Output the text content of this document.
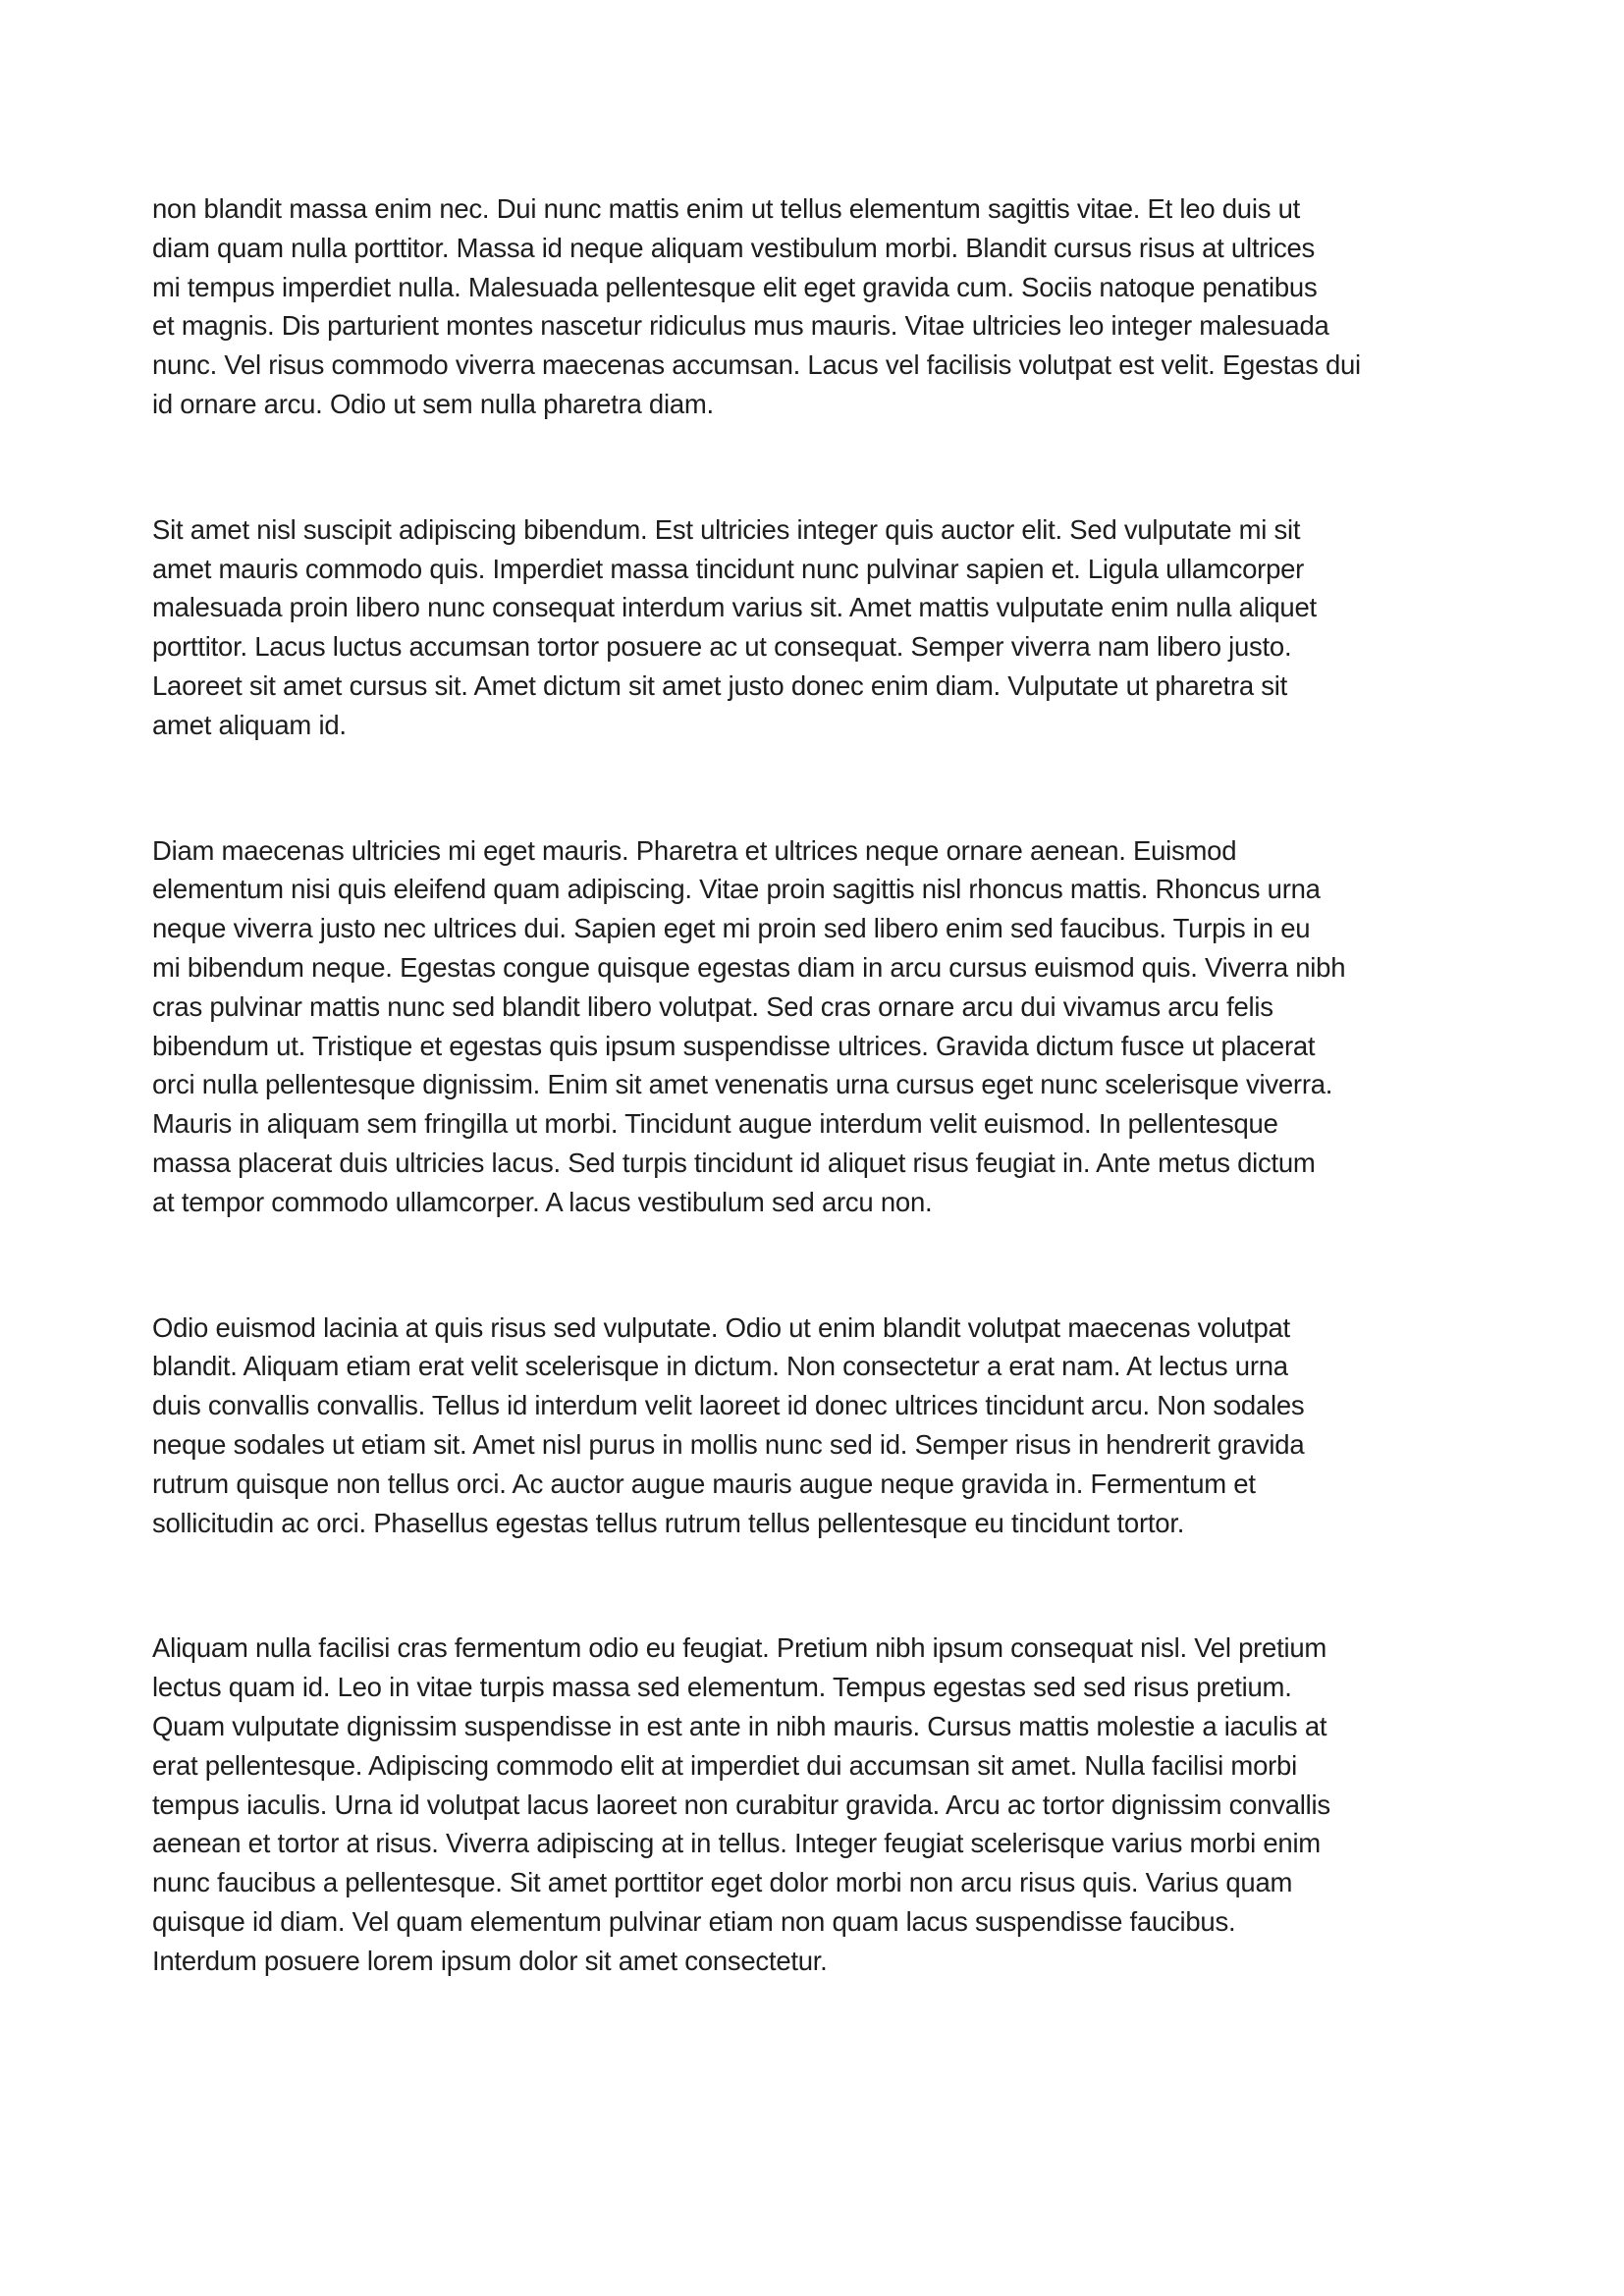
non blandit massa enim nec. Dui nunc mattis enim ut tellus elementum sagittis vitae. Et leo duis ut
diam quam nulla porttitor. Massa id neque aliquam vestibulum morbi. Blandit cursus risus at ultrices
mi tempus imperdiet nulla. Malesuada pellentesque elit eget gravida cum. Sociis natoque penatibus
et magnis. Dis parturient montes nascetur ridiculus mus mauris. Vitae ultricies leo integer malesuada
nunc. Vel risus commodo viverra maecenas accumsan. Lacus vel facilisis volutpat est velit. Egestas dui
id ornare arcu. Odio ut sem nulla pharetra diam.

Sit amet nisl suscipit adipiscing bibendum. Est ultricies integer quis auctor elit. Sed vulputate mi sit
amet mauris commodo quis. Imperdiet massa tincidunt nunc pulvinar sapien et. Ligula ullamcorper
malesuada proin libero nunc consequat interdum varius sit. Amet mattis vulputate enim nulla aliquet
porttitor. Lacus luctus accumsan tortor posuere ac ut consequat. Semper viverra nam libero justo.
Laoreet sit amet cursus sit. Amet dictum sit amet justo donec enim diam. Vulputate ut pharetra sit
amet aliquam id.

Diam maecenas ultricies mi eget mauris. Pharetra et ultrices neque ornare aenean. Euismod
elementum nisi quis eleifend quam adipiscing. Vitae proin sagittis nisl rhoncus mattis. Rhoncus urna
neque viverra justo nec ultrices dui. Sapien eget mi proin sed libero enim sed faucibus. Turpis in eu
mi bibendum neque. Egestas congue quisque egestas diam in arcu cursus euismod quis. Viverra nibh
cras pulvinar mattis nunc sed blandit libero volutpat. Sed cras ornare arcu dui vivamus arcu felis
bibendum ut. Tristique et egestas quis ipsum suspendisse ultrices. Gravida dictum fusce ut placerat
orci nulla pellentesque dignissim. Enim sit amet venenatis urna cursus eget nunc scelerisque viverra.
Mauris in aliquam sem fringilla ut morbi. Tincidunt augue interdum velit euismod. In pellentesque
massa placerat duis ultricies lacus. Sed turpis tincidunt id aliquet risus feugiat in. Ante metus dictum
at tempor commodo ullamcorper. A lacus vestibulum sed arcu non.

Odio euismod lacinia at quis risus sed vulputate. Odio ut enim blandit volutpat maecenas volutpat
blandit. Aliquam etiam erat velit scelerisque in dictum. Non consectetur a erat nam. At lectus urna
duis convallis convallis. Tellus id interdum velit laoreet id donec ultrices tincidunt arcu. Non sodales
neque sodales ut etiam sit. Amet nisl purus in mollis nunc sed id. Semper risus in hendrerit gravida
rutrum quisque non tellus orci. Ac auctor augue mauris augue neque gravida in. Fermentum et
sollicitudin ac orci. Phasellus egestas tellus rutrum tellus pellentesque eu tincidunt tortor.

Aliquam nulla facilisi cras fermentum odio eu feugiat. Pretium nibh ipsum consequat nisl. Vel pretium
lectus quam id. Leo in vitae turpis massa sed elementum. Tempus egestas sed sed risus pretium.
Quam vulputate dignissim suspendisse in est ante in nibh mauris. Cursus mattis molestie a iaculis at
erat pellentesque. Adipiscing commodo elit at imperdiet dui accumsan sit amet. Nulla facilisi morbi
tempus iaculis. Urna id volutpat lacus laoreet non curabitur gravida. Arcu ac tortor dignissim convallis
aenean et tortor at risus. Viverra adipiscing at in tellus. Integer feugiat scelerisque varius morbi enim
nunc faucibus a pellentesque. Sit amet porttitor eget dolor morbi non arcu risus quis. Varius quam
quisque id diam. Vel quam elementum pulvinar etiam non quam lacus suspendisse faucibus.
Interdum posuere lorem ipsum dolor sit amet consectetur.
